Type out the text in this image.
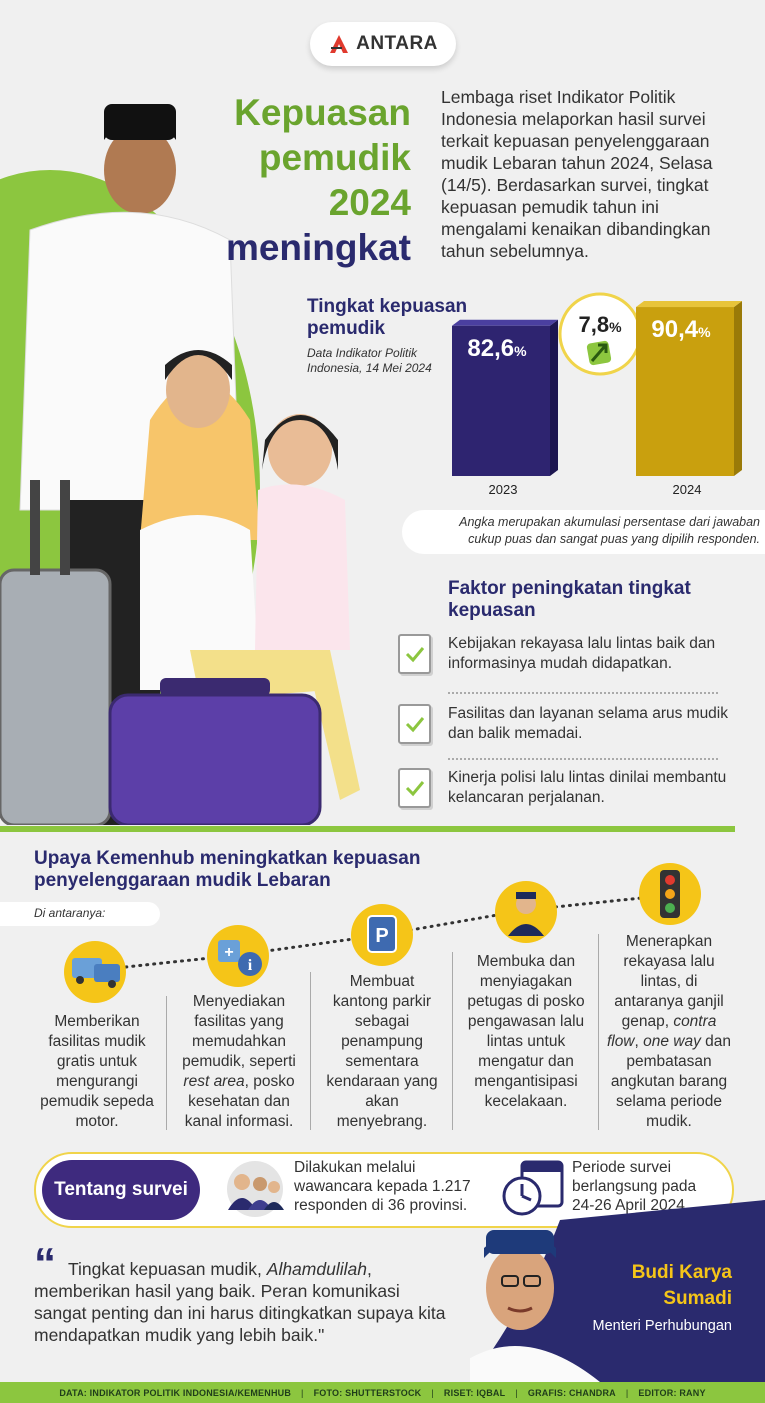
ANTARA
Kepuasan
pemudik
2024
meningkat
Lembaga riset Indikator Politik Indonesia melaporkan hasil survei terkait kepuasan penyelenggaraan mudik Lebaran tahun 2024, Selasa (14/5). Berdasarkan survei, tingkat kepuasan pemudik tahun ini mengalami kenaikan dibandingkan tahun sebelumnya.
Tingkat kepuasan pemudik
Data Indikator Politik Indonesia, 14 Mei 2024
7,8%
82,6%
2023
90,4%
2024
Angka merupakan akumulasi persentase dari jawaban cukup puas dan sangat puas yang dipilih responden.
Faktor peningkatan tingkat kepuasan
Kebijakan rekayasa lalu lintas baik dan informasinya mudah didapatkan.
Fasilitas dan layanan selama arus mudik dan balik memadai.
Kinerja polisi lalu lintas dinilai membantu kelancaran perjalanan.
Upaya Kemenhub meningkatkan kepuasan penyelenggaraan mudik Lebaran
Di antaranya:
+
i
P
Memberikan fasilitas mudik gratis untuk mengurangi pemudik sepeda motor.
Menyediakan fasilitas yang memudahkan pemudik, seperti rest area, posko kesehatan dan kanal informasi.
Membuat kantong parkir sebagai penampung sementara kendaraan yang akan menyebrang.
Membuka dan menyiagakan petugas di posko pengawasan lalu lintas untuk mengatur dan mengantisipasi kecelakaan.
Menerapkan rekayasa lalu lintas, di antaranya ganjil genap, contra flow, one way dan pembatasan angkutan barang selama periode mudik.
Tentang survei
Dilakukan melalui wawancara kepada 1.217 responden di 36 provinsi.
Periode survei berlangsung pada 24-26 April 2024.
“ Tingkat kepuasan mudik, Alhamdulilah, memberikan hasil yang baik. Peran komunikasi sangat penting dan ini harus ditingkatkan supaya kita mendapatkan mudik yang lebih baik."
Budi Karya Sumadi
Menteri Perhubungan
DATA: INDIKATOR POLITIK INDONESIA/KEMENHUB | FOTO: SHUTTERSTOCK | RISET: IQBAL | GRAFIS: CHANDRA | EDITOR: RANY
